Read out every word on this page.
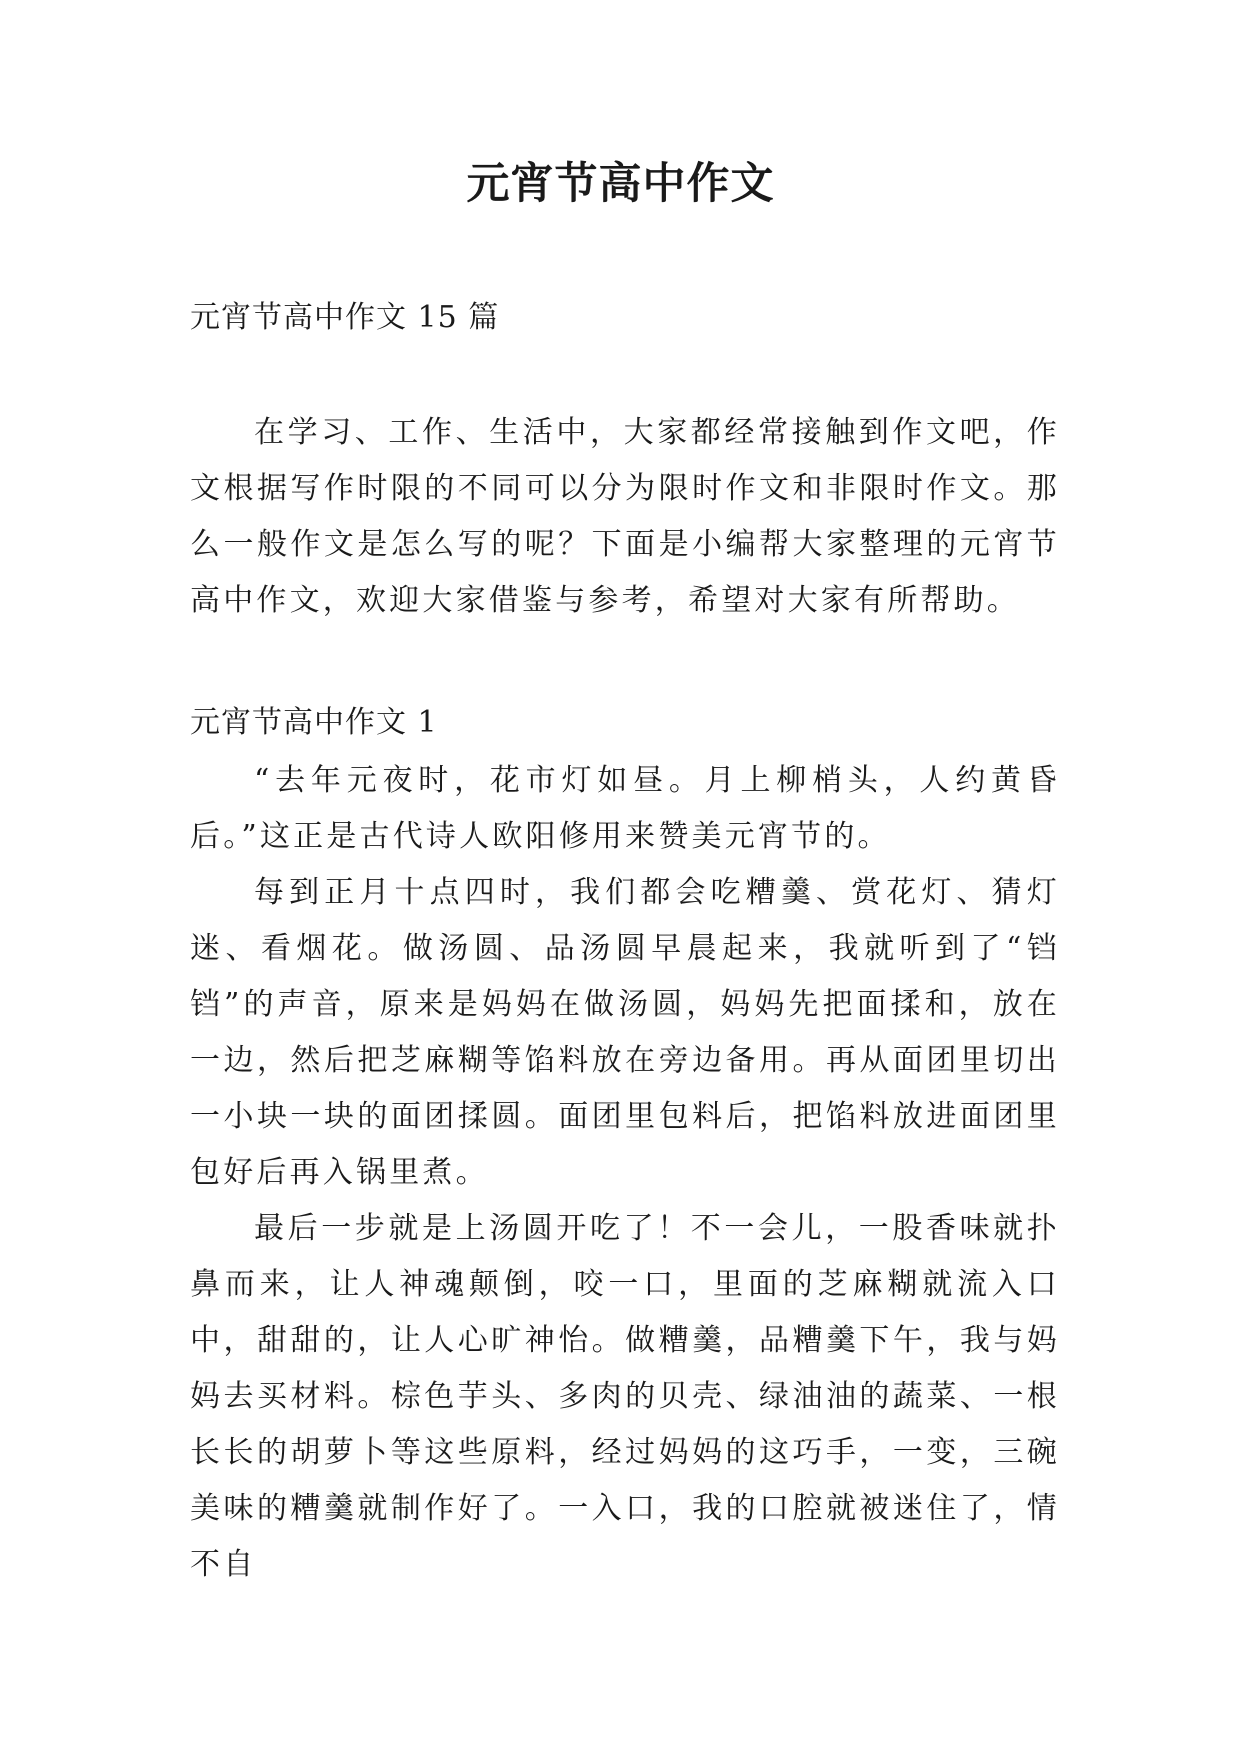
元宵节高中作文
元宵节高中作文 15 篇

在学习、工作、生活中，大家都经常接触到作文吧，作文根据写作时限的不同可以分为限时作文和非限时作文。那么一般作文是怎么写的呢？下面是小编帮大家整理的元宵节高中作文，欢迎大家借鉴与参考，希望对大家有所帮助。

元宵节高中作文 1

“去年元夜时，花市灯如昼。月上柳梢头，人约黄昏后。”这正是古代诗人欧阳修用来赞美元宵节的。

每到正月十点四时，我们都会吃糟羹、赏花灯、猜灯迷、看烟花。做汤圆、品汤圆早晨起来，我就听到了“铛铛”的声音，原来是妈妈在做汤圆，妈妈先把面揉和，放在一边，然后把芝麻糊等馅料放在旁边备用。再从面团里切出一小块一块的面团揉圆。面团里包料后，把馅料放进面团里包好后再入锅里煮。

最后一步就是上汤圆开吃了！不一会儿，一股香味就扑鼻而来，让人神魂颠倒，咬一口，里面的芝麻糊就流入口中，甜甜的，让人心旷神怡。做糟羹，品糟羹下午，我与妈妈去买材料。棕色芋头、多肉的贝壳、绿油油的蔬菜、一根长长的胡萝卜等这些原料，经过妈妈的这巧手，一变，三碗美味的糟羹就制作好了。一入口，我的口腔就被迷住了，情不自
